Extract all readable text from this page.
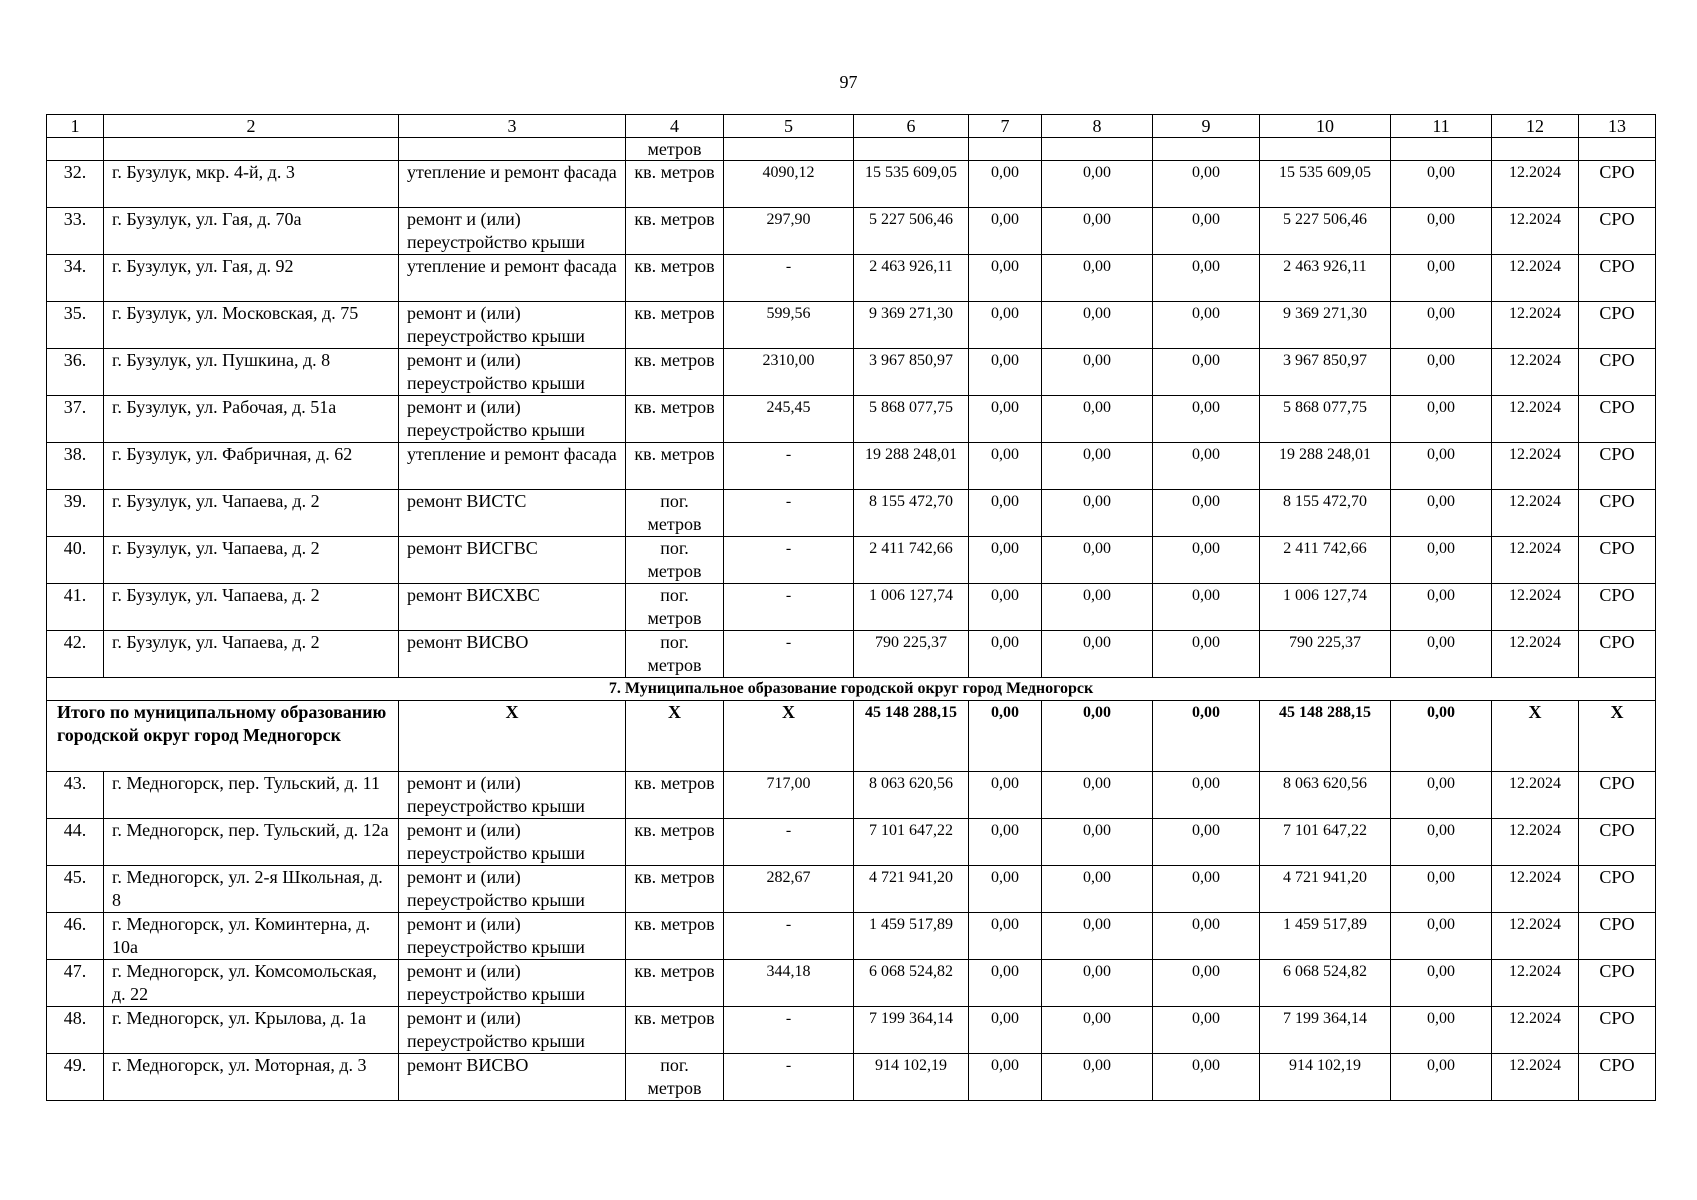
97
1	2	3	4	5	6	7	8	9	10	11	12	13
			метров									
32.	г. Бузулук, мкр. 4-й, д. 3	утепление и ремонт фасада	кв. метров	4090,12	15 535 609,05	0,00	0,00	0,00	15 535 609,05	0,00	12.2024	СРО
33.	г. Бузулук, ул. Гая, д. 70а	ремонт и (или) переустройство крыши	кв. метров	297,90	5 227 506,46	0,00	0,00	0,00	5 227 506,46	0,00	12.2024	СРО
34.	г. Бузулук, ул. Гая, д. 92	утепление и ремонт фасада	кв. метров	-	2 463 926,11	0,00	0,00	0,00	2 463 926,11	0,00	12.2024	СРО
35.	г. Бузулук, ул. Московская, д. 75	ремонт и (или) переустройство крыши	кв. метров	599,56	9 369 271,30	0,00	0,00	0,00	9 369 271,30	0,00	12.2024	СРО
36.	г. Бузулук, ул. Пушкина, д. 8	ремонт и (или) переустройство крыши	кв. метров	2310,00	3 967 850,97	0,00	0,00	0,00	3 967 850,97	0,00	12.2024	СРО
37.	г. Бузулук, ул. Рабочая, д. 51а	ремонт и (или) переустройство крыши	кв. метров	245,45	5 868 077,75	0,00	0,00	0,00	5 868 077,75	0,00	12.2024	СРО
38.	г. Бузулук, ул. Фабричная, д. 62	утепление и ремонт фасада	кв. метров	-	19 288 248,01	0,00	0,00	0,00	19 288 248,01	0,00	12.2024	СРО
39.	г. Бузулук, ул. Чапаева, д. 2	ремонт ВИСТС	пог. метров	-	8 155 472,70	0,00	0,00	0,00	8 155 472,70	0,00	12.2024	СРО
40.	г. Бузулук, ул. Чапаева, д. 2	ремонт ВИСГВС	пог. метров	-	2 411 742,66	0,00	0,00	0,00	2 411 742,66	0,00	12.2024	СРО
41.	г. Бузулук, ул. Чапаева, д. 2	ремонт ВИСХВС	пог. метров	-	1 006 127,74	0,00	0,00	0,00	1 006 127,74	0,00	12.2024	СРО
42.	г. Бузулук, ул. Чапаева, д. 2	ремонт ВИСВО	пог. метров	-	790 225,37	0,00	0,00	0,00	790 225,37	0,00	12.2024	СРО
7. Муниципальное образование городской округ город Медногорск												
Итого по муниципальному образованию городской округ город Медногорск		X	X	X	45 148 288,15	0,00	0,00	0,00	45 148 288,15	0,00	X	X
43.	г. Медногорск, пер. Тульский, д. 11	ремонт и (или) переустройство крыши	кв. метров	717,00	8 063 620,56	0,00	0,00	0,00	8 063 620,56	0,00	12.2024	СРО
44.	г. Медногорск, пер. Тульский, д. 12а	ремонт и (или) переустройство крыши	кв. метров	-	7 101 647,22	0,00	0,00	0,00	7 101 647,22	0,00	12.2024	СРО
45.	г. Медногорск, ул. 2-я Школьная, д. 8	ремонт и (или) переустройство крыши	кв. метров	282,67	4 721 941,20	0,00	0,00	0,00	4 721 941,20	0,00	12.2024	СРО
46.	г. Медногорск, ул. Коминтерна, д. 10а	ремонт и (или) переустройство крыши	кв. метров	-	1 459 517,89	0,00	0,00	0,00	1 459 517,89	0,00	12.2024	СРО
47.	г. Медногорск, ул. Комсомольская, д. 22	ремонт и (или) переустройство крыши	кв. метров	344,18	6 068 524,82	0,00	0,00	0,00	6 068 524,82	0,00	12.2024	СРО
48.	г. Медногорск, ул. Крылова, д. 1а	ремонт и (или) переустройство крыши	кв. метров	-	7 199 364,14	0,00	0,00	0,00	7 199 364,14	0,00	12.2024	СРО
49.	г. Медногорск, ул. Моторная, д. 3	ремонт ВИСВО	пог. метров	-	914 102,19	0,00	0,00	0,00	914 102,19	0,00	12.2024	СРО
